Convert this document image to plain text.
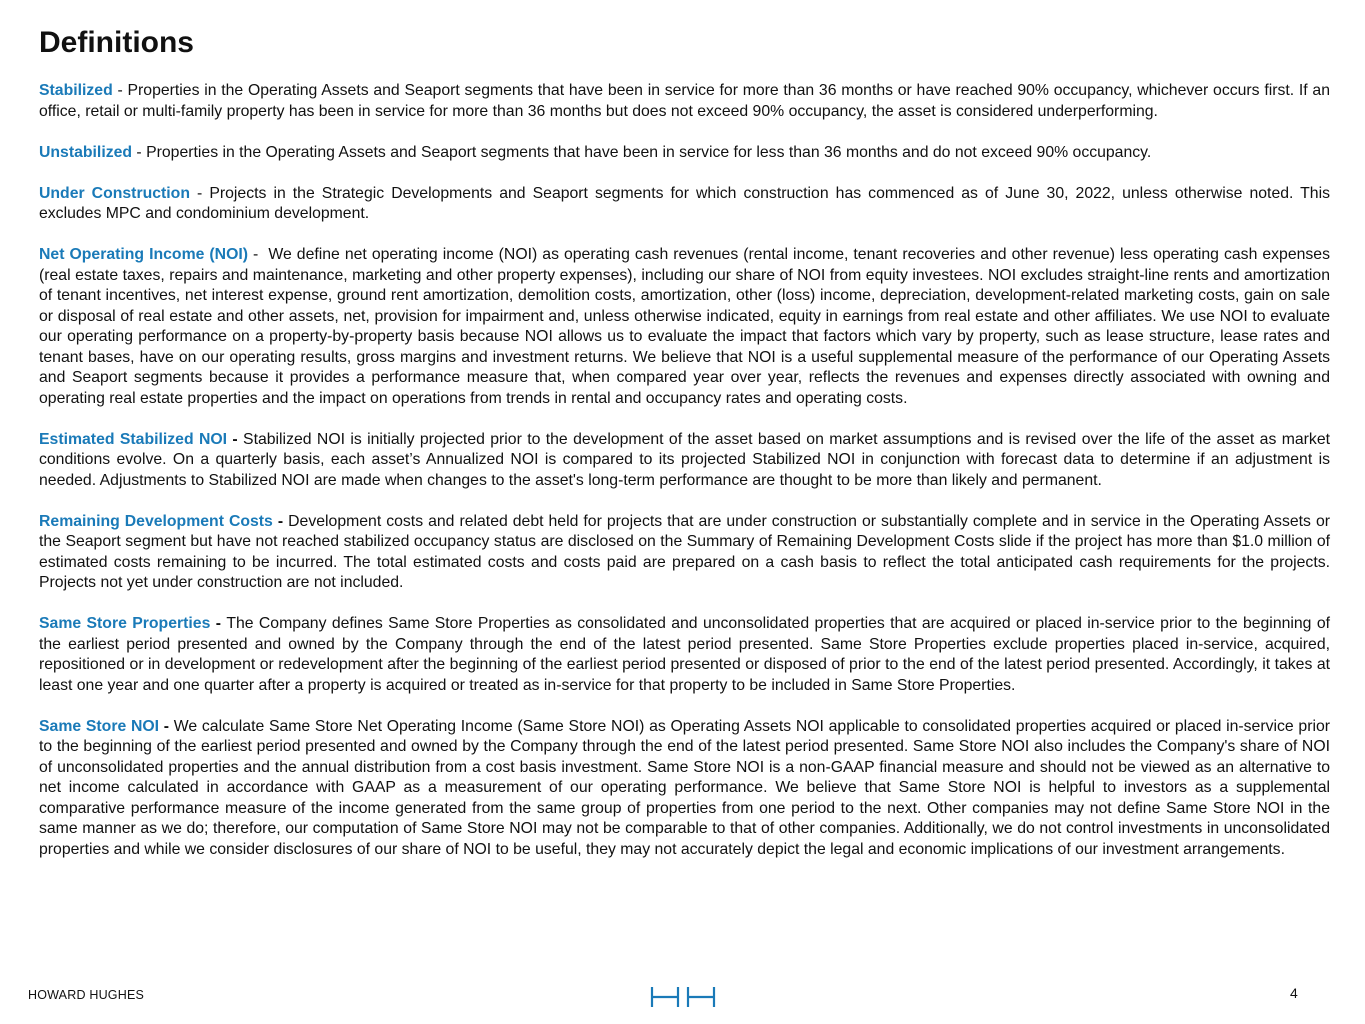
Definitions

Stabilized - Properties in the Operating Assets and Seaport segments that have been in service for more than 36 months or have reached 90% occupancy, whichever occurs first. If an office, retail or multi-family property has been in service for more than 36 months but does not exceed 90% occupancy, the asset is considered underperforming.

Unstabilized - Properties in the Operating Assets and Seaport segments that have been in service for less than 36 months and do not exceed 90% occupancy.

Under Construction - Projects in the Strategic Developments and Seaport segments for which construction has commenced as of June 30, 2022, unless otherwise noted. This excludes MPC and condominium development.

Net Operating Income (NOI) -  We define net operating income (NOI) as operating cash revenues (rental income, tenant recoveries and other revenue) less operating cash expenses (real estate taxes, repairs and maintenance, marketing and other property expenses), including our share of NOI from equity investees. NOI excludes straight-line rents and amortization of tenant incentives, net interest expense, ground rent amortization, demolition costs, amortization, other (loss) income, depreciation, development-related marketing costs, gain on sale or disposal of real estate and other assets, net, provision for impairment and, unless otherwise indicated, equity in earnings from real estate and other affiliates. We use NOI to evaluate our operating performance on a property-by-property basis because NOI allows us to evaluate the impact that factors which vary by property, such as lease structure, lease rates and tenant bases, have on our operating results, gross margins and investment returns. We believe that NOI is a useful supplemental measure of the performance of our Operating Assets and Seaport segments because it provides a performance measure that, when compared year over year, reflects the revenues and expenses directly associated with owning and operating real estate properties and the impact on operations from trends in rental and occupancy rates and operating costs.

Estimated Stabilized NOI - Stabilized NOI is initially projected prior to the development of the asset based on market assumptions and is revised over the life of the asset as market conditions evolve. On a quarterly basis, each asset’s Annualized NOI is compared to its projected Stabilized NOI in conjunction with forecast data to determine if an adjustment is needed. Adjustments to Stabilized NOI are made when changes to the asset's long-term performance are thought to be more than likely and permanent.

Remaining Development Costs - Development costs and related debt held for projects that are under construction or substantially complete and in service in the Operating Assets or the Seaport segment but have not reached stabilized occupancy status are disclosed on the Summary of Remaining Development Costs slide if the project has more than $1.0 million of estimated costs remaining to be incurred. The total estimated costs and costs paid are prepared on a cash basis to reflect the total anticipated cash requirements for the projects. Projects not yet under construction are not included.

Same Store Properties - The Company defines Same Store Properties as consolidated and unconsolidated properties that are acquired or placed in-service prior to the beginning of the earliest period presented and owned by the Company through the end of the latest period presented. Same Store Properties exclude properties placed in-service, acquired, repositioned or in development or redevelopment after the beginning of the earliest period presented or disposed of prior to the end of the latest period presented. Accordingly, it takes at least one year and one quarter after a property is acquired or treated as in-service for that property to be included in Same Store Properties.

Same Store NOI - We calculate Same Store Net Operating Income (Same Store NOI) as Operating Assets NOI applicable to consolidated properties acquired or placed in-service prior to the beginning of the earliest period presented and owned by the Company through the end of the latest period presented. Same Store NOI also includes the Company's share of NOI of unconsolidated properties and the annual distribution from a cost basis investment. Same Store NOI is a non-GAAP financial measure and should not be viewed as an alternative to net income calculated in accordance with GAAP as a measurement of our operating performance. We believe that Same Store NOI is helpful to investors as a supplemental comparative performance measure of the income generated from the same group of properties from one period to the next. Other companies may not define Same Store NOI in the same manner as we do; therefore, our computation of Same Store NOI may not be comparable to that of other companies. Additionally, we do not control investments in unconsolidated properties and while we consider disclosures of our share of NOI to be useful, they may not accurately depict the legal and economic implications of our investment arrangements.

HOWARD HUGHES	4
